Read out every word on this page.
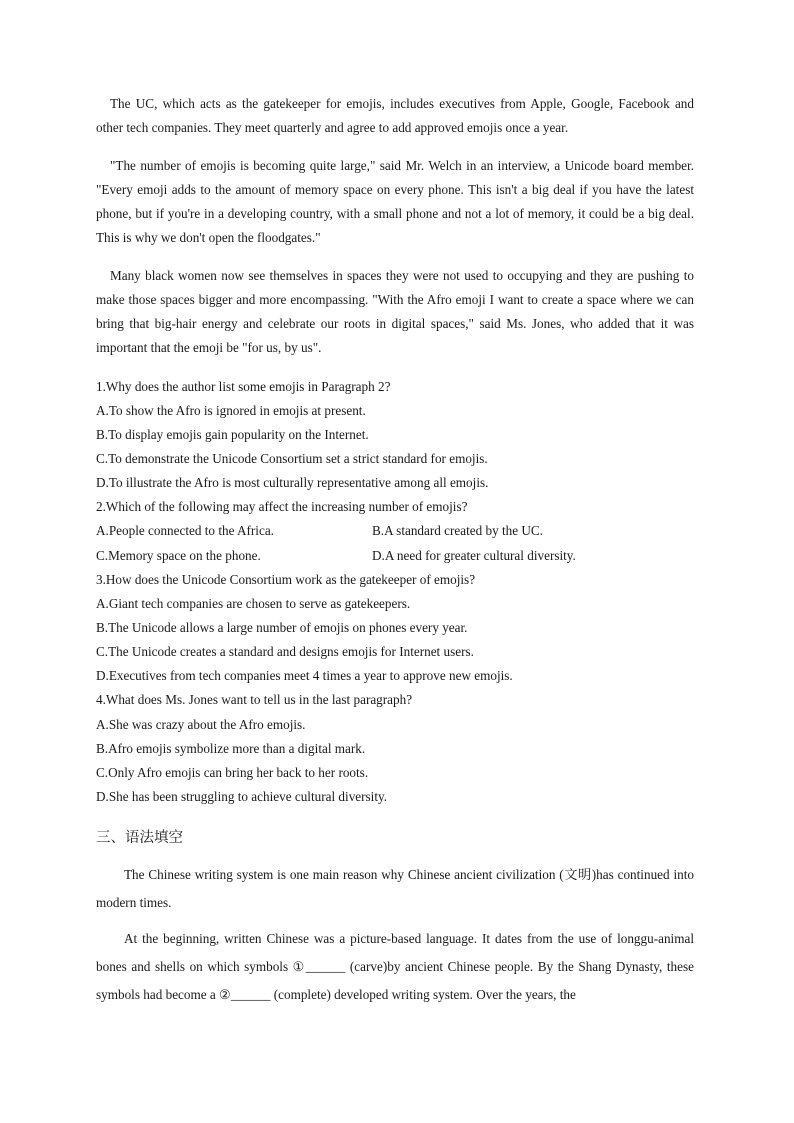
The UC, which acts as the gatekeeper for emojis, includes executives from Apple, Google, Facebook and other tech companies. They meet quarterly and agree to add approved emojis once a year.

"The number of emojis is becoming quite large," said Mr. Welch in an interview, a Unicode board member. "Every emoji adds to the amount of memory space on every phone. This isn't a big deal if you have the latest phone, but if you're in a developing country, with a small phone and not a lot of memory, it could be a big deal. This is why we don't open the floodgates."

Many black women now see themselves in spaces they were not used to occupying and they are pushing to make those spaces bigger and more encompassing. "With the Afro emoji I want to create a space where we can bring that big-hair energy and celebrate our roots in digital spaces," said Ms. Jones, who added that it was important that the emoji be "for us, by us".

1.Why does the author list some emojis in Paragraph 2?

A.To show the Afro is ignored in emojis at present.

B.To display emojis gain popularity on the Internet.

C.To demonstrate the Unicode Consortium set a strict standard for emojis.

D.To illustrate the Afro is most culturally representative among all emojis.

2.Which of the following may affect the increasing number of emojis?

A.People connected to the Africa.	B.A standard created by the UC.

C.Memory space on the phone.	D.A need for greater cultural diversity.

3.How does the Unicode Consortium work as the gatekeeper of emojis?

A.Giant tech companies are chosen to serve as gatekeepers.

B.The Unicode allows a large number of emojis on phones every year.

C.The Unicode creates a standard and designs emojis for Internet users.

D.Executives from tech companies meet 4 times a year to approve new emojis.

4.What does Ms. Jones want to tell us in the last paragraph?

A.She was crazy about the Afro emojis.

B.Afro emojis symbolize more than a digital mark.

C.Only Afro emojis can bring her back to her roots.

D.She has been struggling to achieve cultural diversity.

三、语法填空

The Chinese writing system is one main reason why Chinese ancient civilization (文明)has continued into modern times.

At the beginning, written Chinese was a picture-based language. It dates from the use of longgu-animal bones and shells on which symbols ①______ (carve)by ancient Chinese people. By the Shang Dynasty, these symbols had become a ②______ (complete) developed writing system. Over the years, the
